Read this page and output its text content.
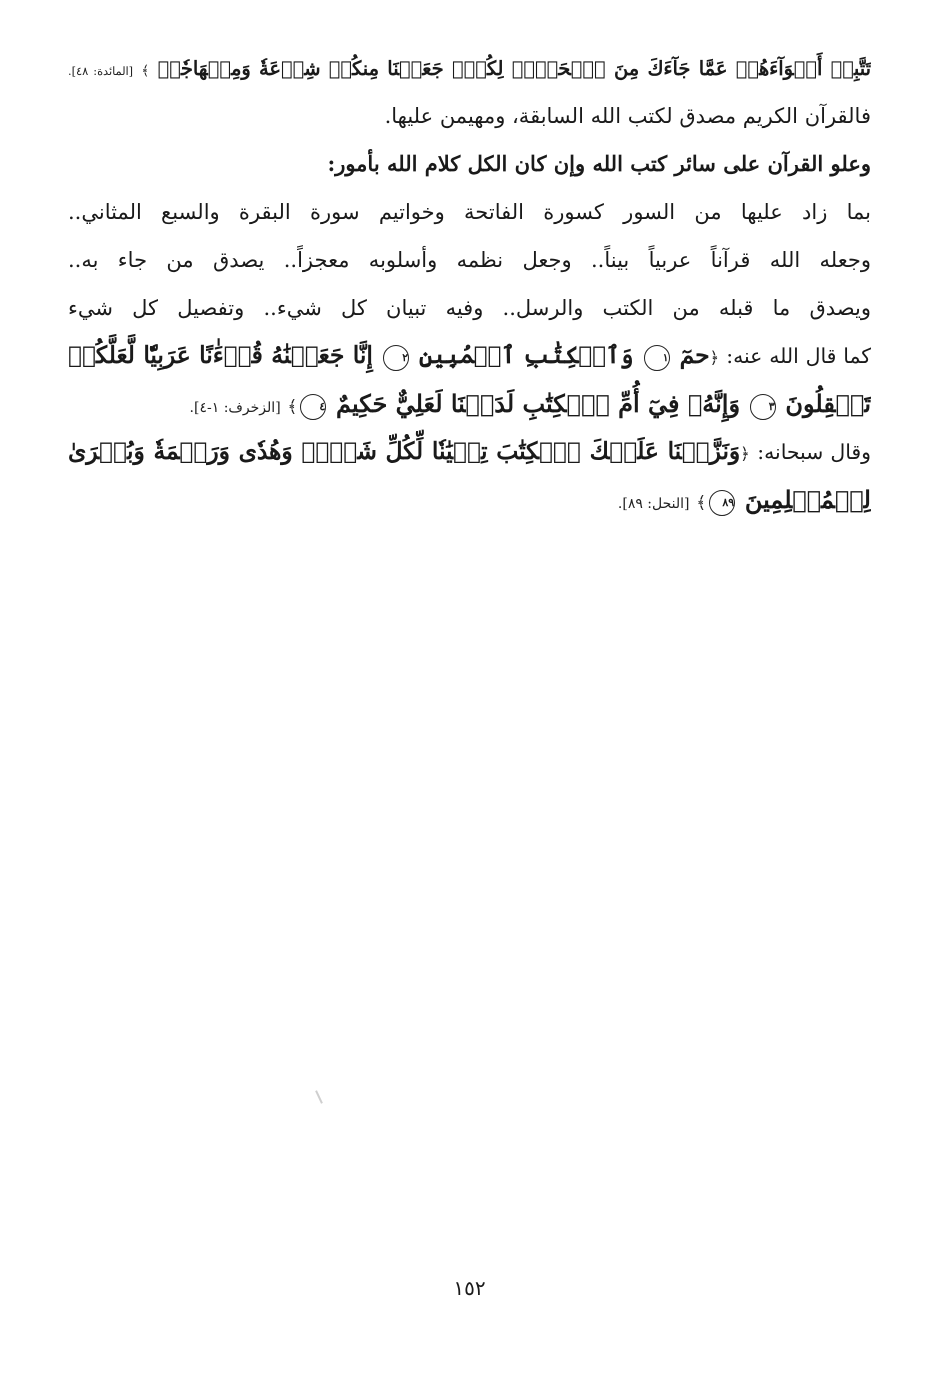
تَتَّبِعۡ أَهۡوَآءَهُمۡ عَمَّا جَآءَكَ مِنَ ٱلۡحَقِّۚ لِكُلّٖ جَعَلۡنَا مِنكُمۡ شِرۡعَةٗ وَمِنۡهَاجٗاۚ ﴾ [المائدة: ٤٨].
فالقرآن الكريم مصدق لكتب الله السابقة، ومهيمن عليها.
وعلو القرآن على سائر كتب الله وإن كان الكل كلام الله بأمور:
بما زاد عليها من السور كسورة الفاتحة وخواتيم سورة البقرة والسبع المثاني..
وجعله الله قرآناً عربياً بيناً.. وجعل نظمه وأسلوبه معجزاً.. يصدق من جاء به..
ويصدق ما قبله من الكتب والرسل.. وفيه تبيان كل شيء.. وتفصيل كل شيء
كما قال الله عنه: ﴿حمٓ ١ وَٱلۡكِتَٰبِ ٱلۡمُبِينِ ٢ إِنَّا جَعَلۡنَٰهُ قُرۡءَٰنًا عَرَبِيّٗا لَّعَلَّكُمۡ
تَعۡقِلُونَ ٣ وَإِنَّهُۥ فِيٓ أُمِّ ٱلۡكِتَٰبِ لَدَيۡنَا لَعَلِيٌّ حَكِيمٌ ٤﴾ [الزخرف: ١-٤].
وقال سبحانه: ﴿وَنَزَّلۡنَا عَلَيۡكَ ٱلۡكِتَٰبَ تِبۡيَٰنٗا لِّكُلِّ شَيۡءٖ وَهُدٗى وَرَحۡمَةٗ وَبُشۡرَىٰ
لِلۡمُسۡلِمِينَ ٨٩﴾ [النحل: ٨٩].
١٥٢
